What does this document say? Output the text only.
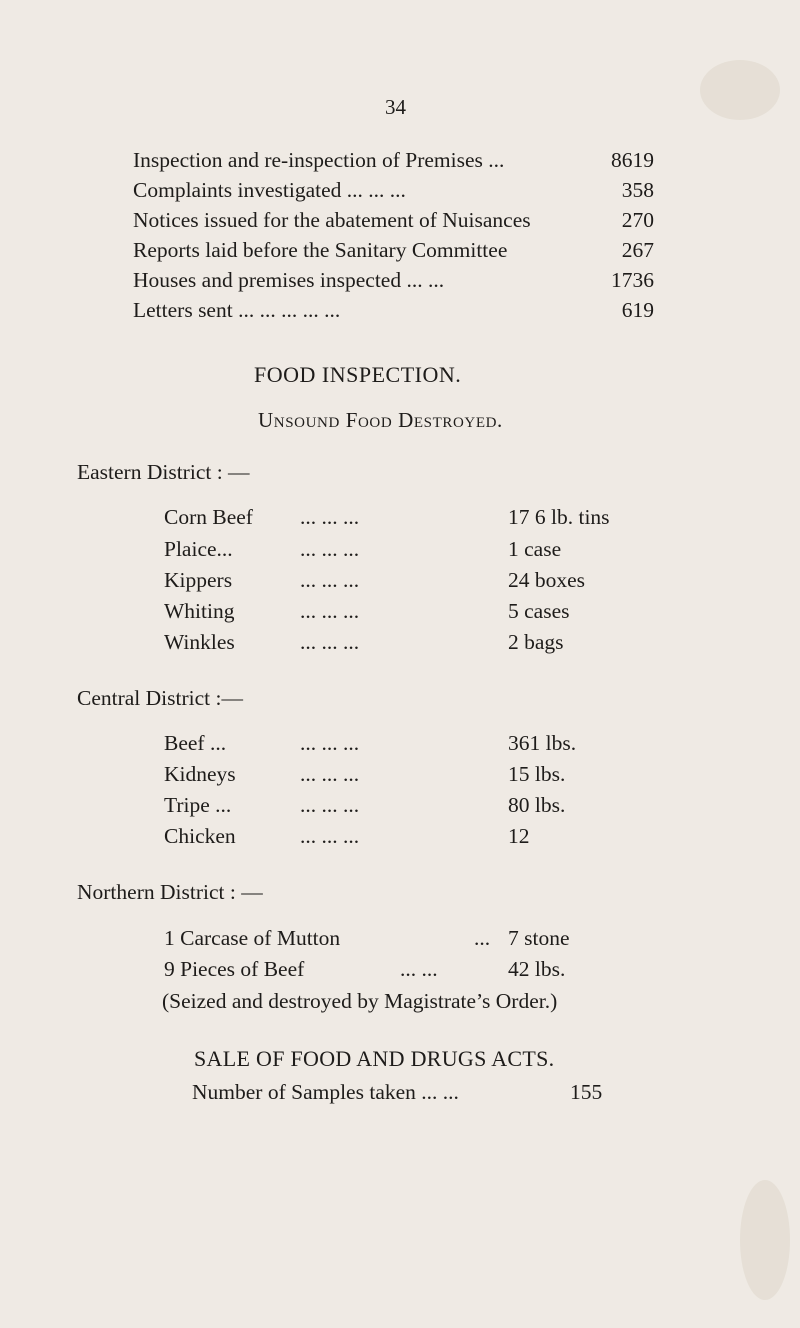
34
Inspection and re-inspection of Premises ...	8619
Complaints investigated ... ... ...	358
Notices issued for the abatement of Nuisances	270
Reports laid before the Sanitary Committee	267
Houses and premises inspected ... ...	1736
Letters sent ... ... ... ... ...	619
FOOD INSPECTION.
Unsound Food Destroyed.
Eastern District : —
Corn Beef ... ... ...	17 6 lb. tins
Plaice...	... ... ...	1 case
Kippers	... ... ...	24 boxes
Whiting	... ... ...	5 cases
Winkles	... ... ...	2 bags
Central District :—
Beef ...	... ... ...	361 lbs.
Kidneys	... ... ...	15 lbs.
Tripe ...	... ... ...	80 lbs.
Chicken	... ... ...	12
Northern District : —
1 Carcase of Mutton	... 7 stone
9 Pieces of Beef	... ...	42 lbs.
(Seized and destroyed by Magistrate’s Order.)
SALE OF FOOD AND DRUGS ACTS.
Number of Samples taken ... ...	155
